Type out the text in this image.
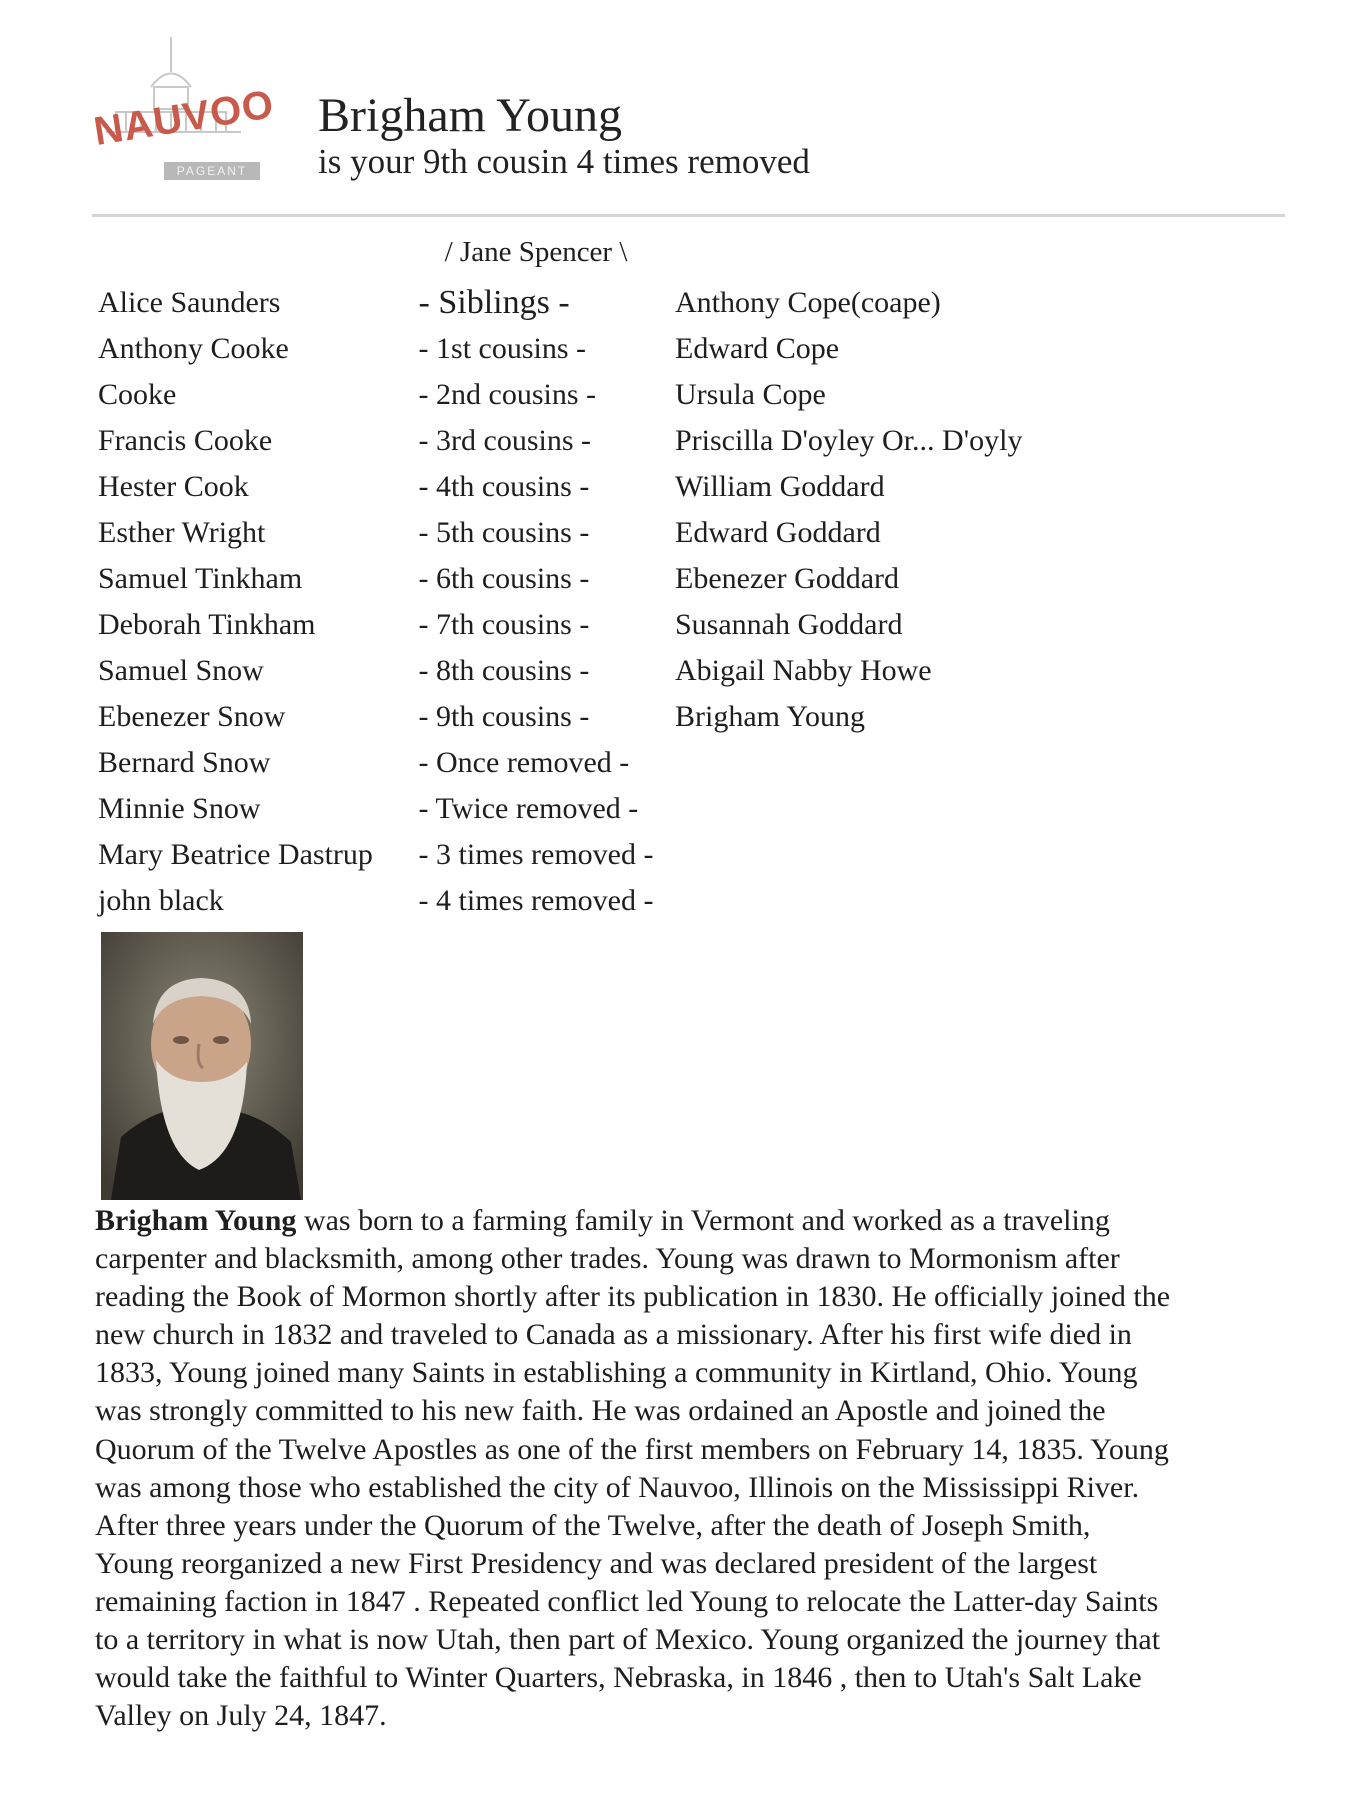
NAUVOO
PAGEANT
Brigham Young
is your 9th cousin 4 times removed
/ Jane Spencer \
Alice Saunders
Anthony Cooke
Cooke
Francis Cooke
Hester Cook
Esther Wright
Samuel Tinkham
Deborah Tinkham
Samuel Snow
Ebenezer Snow
Bernard Snow
Minnie Snow
Mary Beatrice Dastrup
john black
- Siblings -
- 1st cousins -
- 2nd cousins -
- 3rd cousins -
- 4th cousins -
- 5th cousins -
- 6th cousins -
- 7th cousins -
- 8th cousins -
- 9th cousins -
- Once removed -
- Twice removed -
- 3 times removed -
- 4 times removed -
Anthony Cope(coape)
Edward Cope
Ursula Cope
Priscilla D'oyley Or... D'oyly
William Goddard
Edward Goddard
Ebenezer Goddard
Susannah Goddard
Abigail Nabby Howe
Brigham Young
Brigham Young was born to a farming family in Vermont and worked as a traveling
carpenter and blacksmith, among other trades. Young was drawn to Mormonism after
reading the Book of Mormon shortly after its publication in 1830. He officially joined the
new church in 1832 and traveled to Canada as a missionary. After his first wife died in
1833, Young joined many Saints in establishing a community in Kirtland, Ohio. Young
was strongly committed to his new faith. He was ordained an Apostle and joined the
Quorum of the Twelve Apostles as one of the first members on February 14, 1835. Young
was among those who established the city of Nauvoo, Illinois on the Mississippi River.
After three years under the Quorum of the Twelve, after the death of Joseph Smith,
Young reorganized a new First Presidency and was declared president of the largest
remaining faction in 1847 . Repeated conflict led Young to relocate the Latter-day Saints
to a territory in what is now Utah, then part of Mexico. Young organized the journey that
would take the faithful to Winter Quarters, Nebraska, in 1846 , then to Utah's Salt Lake
Valley on July 24, 1847.
